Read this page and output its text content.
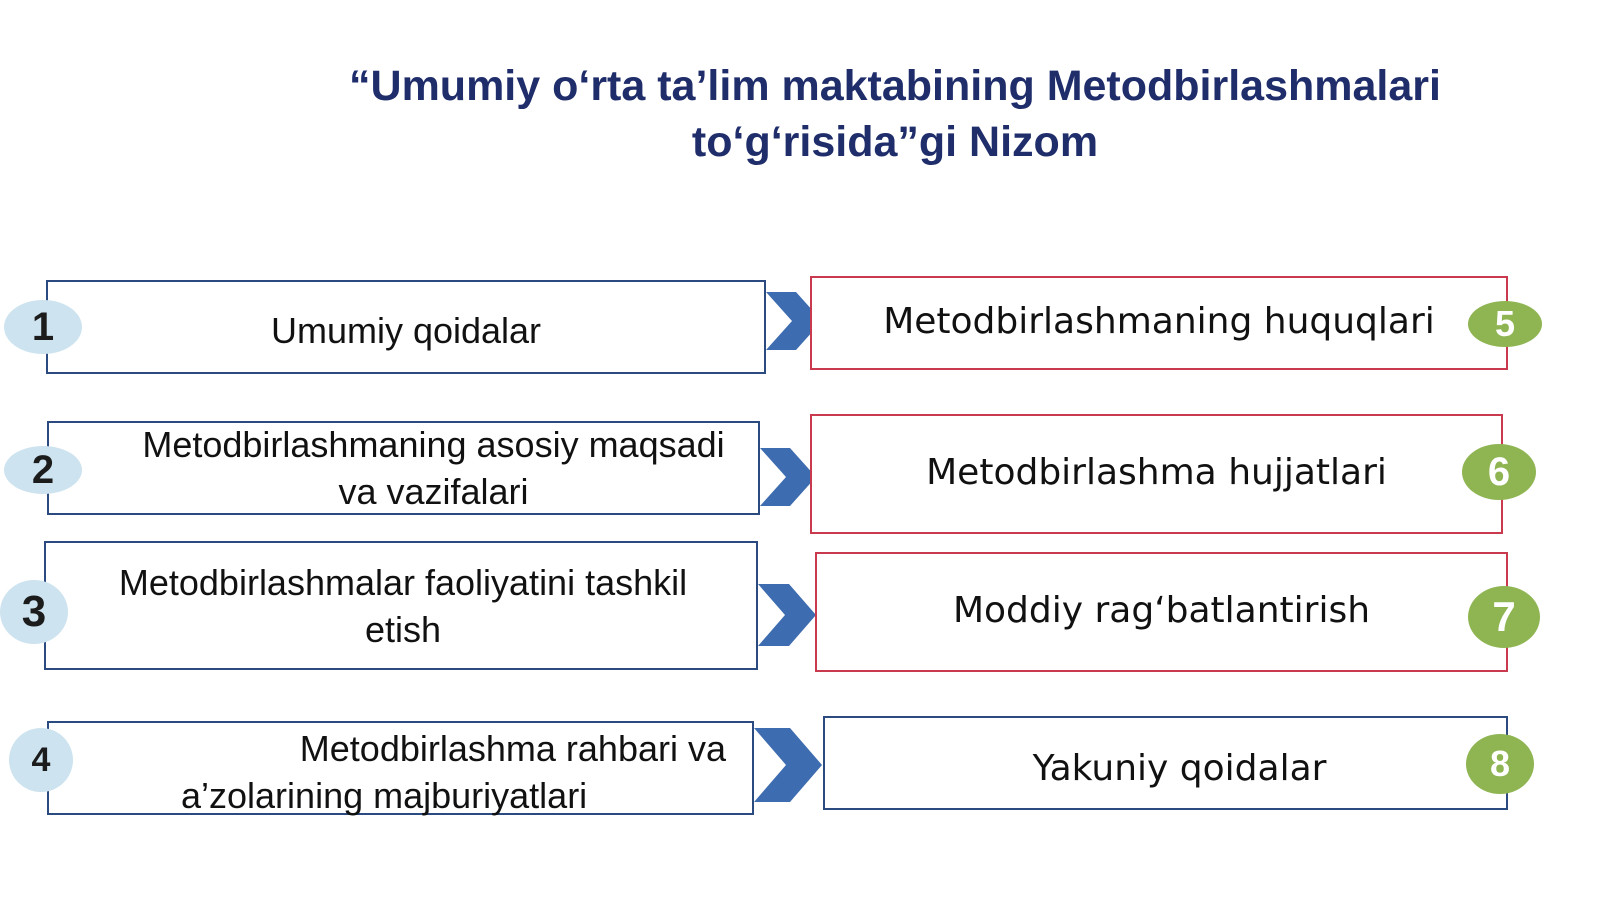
“Umumiy o‘rta ta’lim maktabining Metodbirlashmalari
to‘g‘risida”gi Nizom
Umumiy qoidalar
1	Metodbirlashmaning huquqlari 5
Metodbirlashmaning asosiy maqsadi
va vazifalari
2	Metodbirlashma hujjatlari	6
Metodbirlashmalar faoliyatini tashkil
etish
3	Moddiy rag‘batlantirish	7
Metodbirlashma rahbari va
a’zolarining majburiyatlari
4	Yakuniy qoidalar	8
